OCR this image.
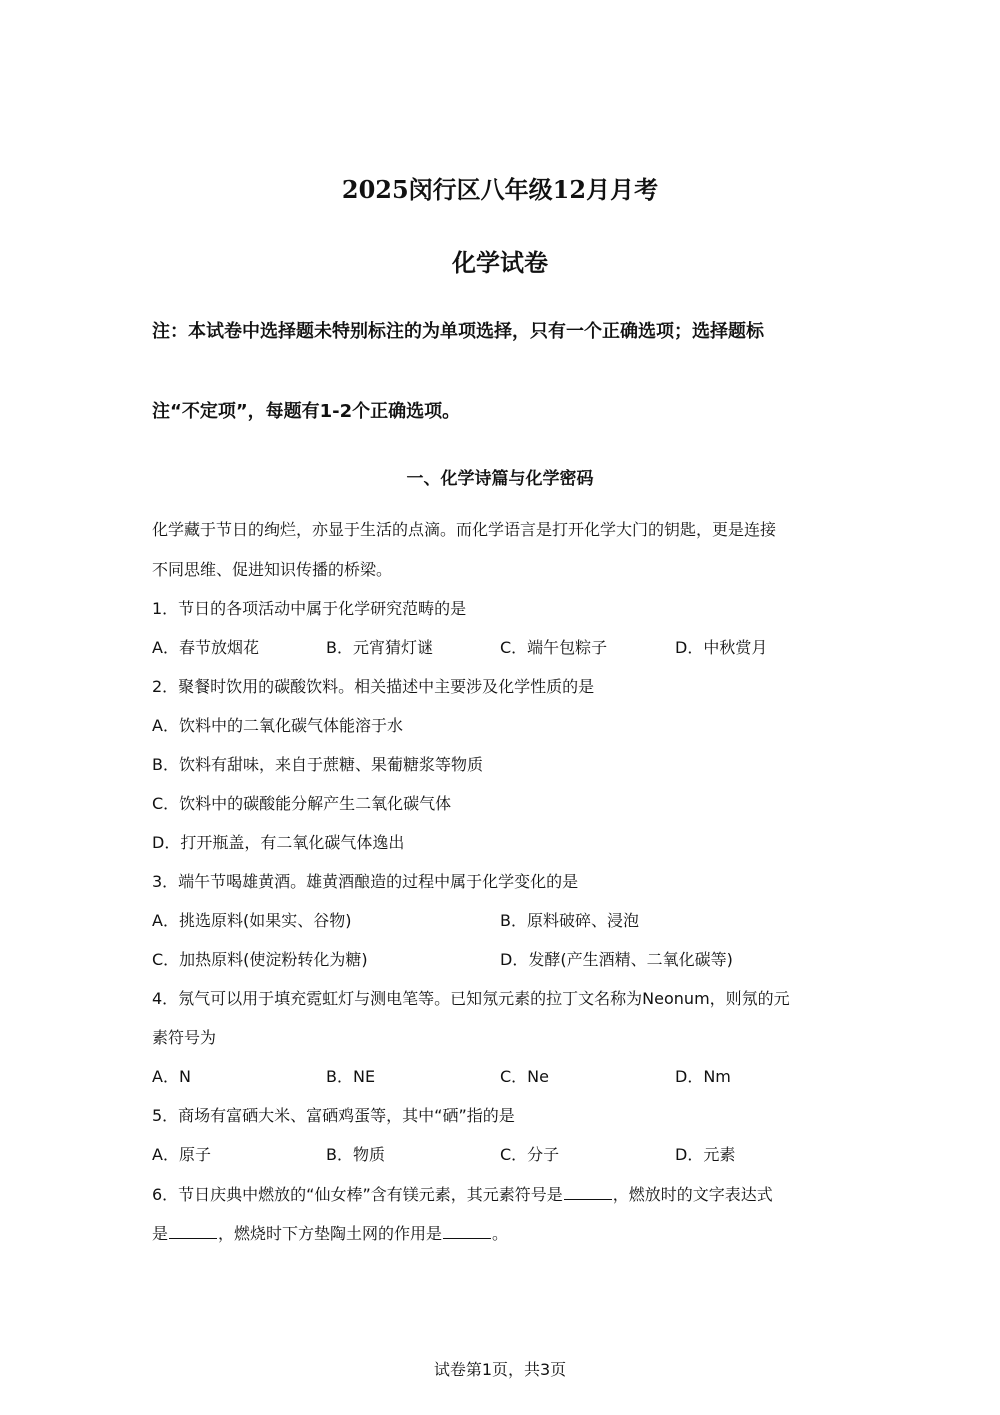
2025闵行区八年级12月月考
化学试卷
注：本试卷中选择题未特别标注的为单项选择，只有一个正确选项；选择题标
注“不定项”，每题有1-2个正确选项。
一、化学诗篇与化学密码
化学藏于节日的绚烂，亦显于生活的点滴。而化学语言是打开化学大门的钥匙，更是连接
不同思维、促进知识传播的桥梁。
1．节日的各项活动中属于化学研究范畴的是
A．春节放烟花	B．元宵猜灯谜	C．端午包粽子	D．中秋赏月
2．聚餐时饮用的碳酸饮料。相关描述中主要涉及化学性质的是
A．饮料中的二氧化碳气体能溶于水
B．饮料有甜味，来自于蔗糖、果葡糖浆等物质
C．饮料中的碳酸能分解产生二氧化碳气体
D．打开瓶盖，有二氧化碳气体逸出
3．端午节喝雄黄酒。雄黄酒酿造的过程中属于化学变化的是
A．挑选原料(如果实、谷物)	B．原料破碎、浸泡
C．加热原料(使淀粉转化为糖)	D．发酵(产生酒精、二氧化碳等)
4．氖气可以用于填充霓虹灯与测电笔等。已知氖元素的拉丁文名称为Neonum，则氖的元
素符号为
A．N	B．NE	C．Ne	D．Nm
5．商场有富硒大米、富硒鸡蛋等，其中“硒”指的是
A．原子	B．物质	C．分子	D．元素
6．节日庆典中燃放的“仙女棒”含有镁元素，其元素符号是	，燃放时的文字表达式
是	，燃烧时下方垫陶土网的作用是	。
试卷第1页，共3页
